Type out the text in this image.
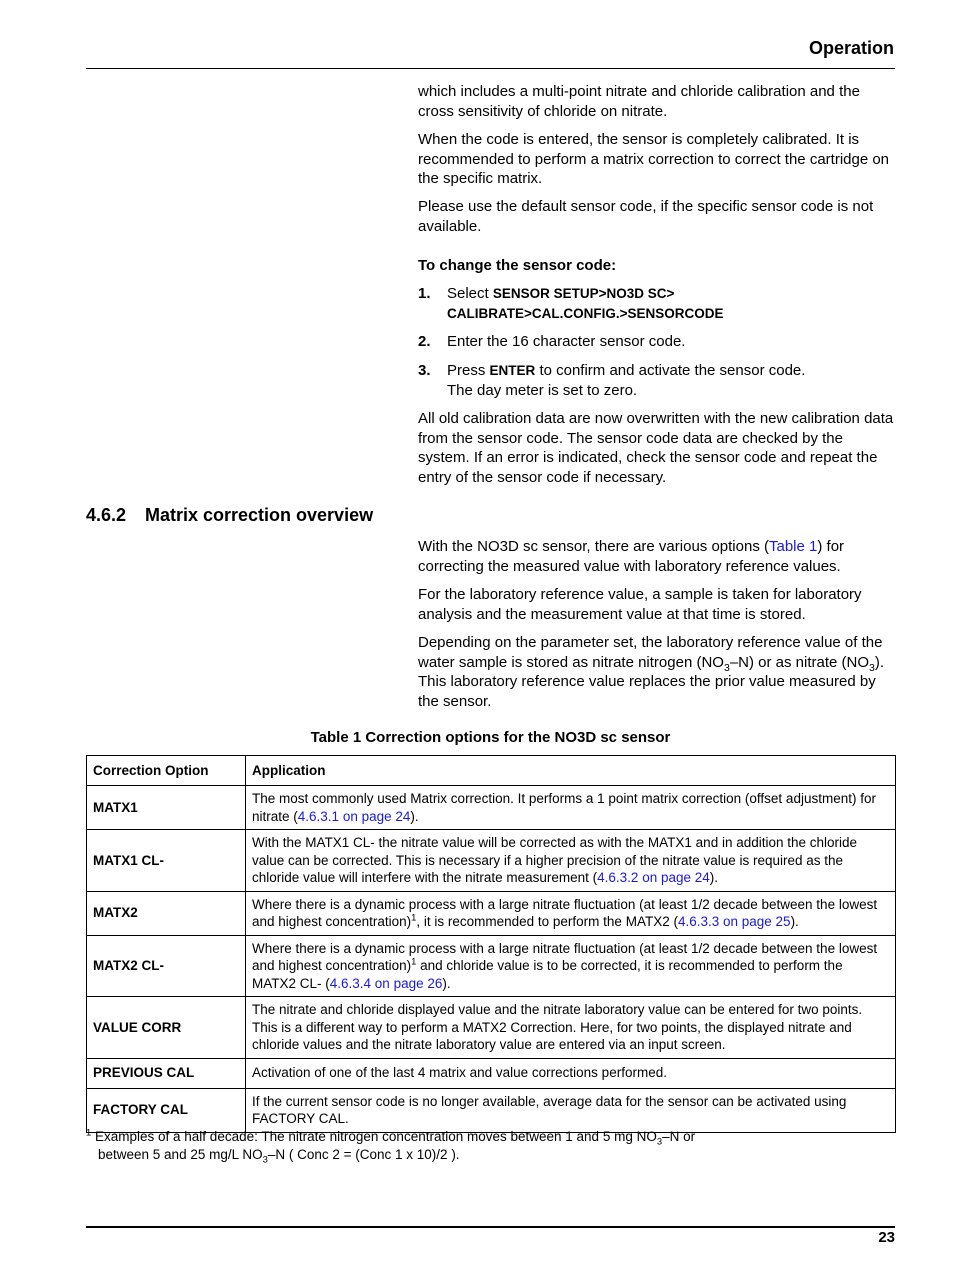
Operation

which includes a multi-point nitrate and chloride calibration and the cross sensitivity of chloride on nitrate.

When the code is entered, the sensor is completely calibrated. It is recommended to perform a matrix correction to correct the cartridge on the specific matrix.

Please use the default sensor code, if the specific sensor code is not available.

To change the sensor code:
1. Select SENSOR SETUP>NO3D SC>
CALIBRATE>CAL.CONFIG.>SENSORCODE
2. Enter the 16 character sensor code.
3. Press ENTER to confirm and activate the sensor code.
The day meter is set to zero.

All old calibration data are now overwritten with the new calibration data from the sensor code. The sensor code data are checked by the system. If an error is indicated, check the sensor code and repeat the entry of the sensor code if necessary.

4.6.2 Matrix correction overview
With the NO3D sc sensor, there are various options (Table 1) for correcting the measured value with laboratory reference values.

For the laboratory reference value, a sample is taken for laboratory analysis and the measurement value at that time is stored.

Depending on the parameter set, the laboratory reference value of the water sample is stored as nitrate nitrogen $(NO_3-N)$ or as nitrate $(NO_3)$. This laboratory reference value replaces the prior value measured by the sensor.
Table 1 Correction options for the NO3D sc sensor
Correction Option	Application
MATX1	The most commonly used Matrix correction. It performs a 1 point matrix correction (offset adjustment) for nitrate (4.6.3.1 on page 24).
MATX1 CL-	With the MATX1 CL- the nitrate value will be corrected as with the MATX1 and in addition the chloride value can be corrected. This is necessary if a higher precision of the nitrate value is required as the chloride value will interfere with the nitrate measurement (4.6.3.2 on page 24).
MATX2	Where there is a dynamic process with a large nitrate fluctuation (at least 1/2 decade between the lowest and highest concentration)$^1$, it is recommended to perform the MATX2 (4.6.3.3 on page 25).
MATX2 CL-	Where there is a dynamic process with a large nitrate fluctuation (at least 1/2 decade between the lowest and highest concentration)$^1$ and chloride value is to be corrected, it is recommended to perform the MATX2 CL- (4.6.3.4 on page 26).
VALUE CORR	The nitrate and chloride displayed value and the nitrate laboratory value can be entered for two points. This is a different way to perform a MATX2 Correction. Here, for two points, the displayed nitrate and chloride values and the nitrate laboratory value are entered via an input screen.
PREVIOUS CAL	Activation of one of the last 4 matrix and value corrections performed.
FACTORY CAL	If the current sensor code is no longer available, average data for the sensor can be activated using FACTORY CAL.
$^1$ Examples of a half decade: The nitrate nitrogen concentration moves between 1 and 5 mg $NO_3-N$ or
between 5 and 25 mg/L $NO_3-N$ ( Conc 2 = (Conc 1 x 10)/2 ).
23
